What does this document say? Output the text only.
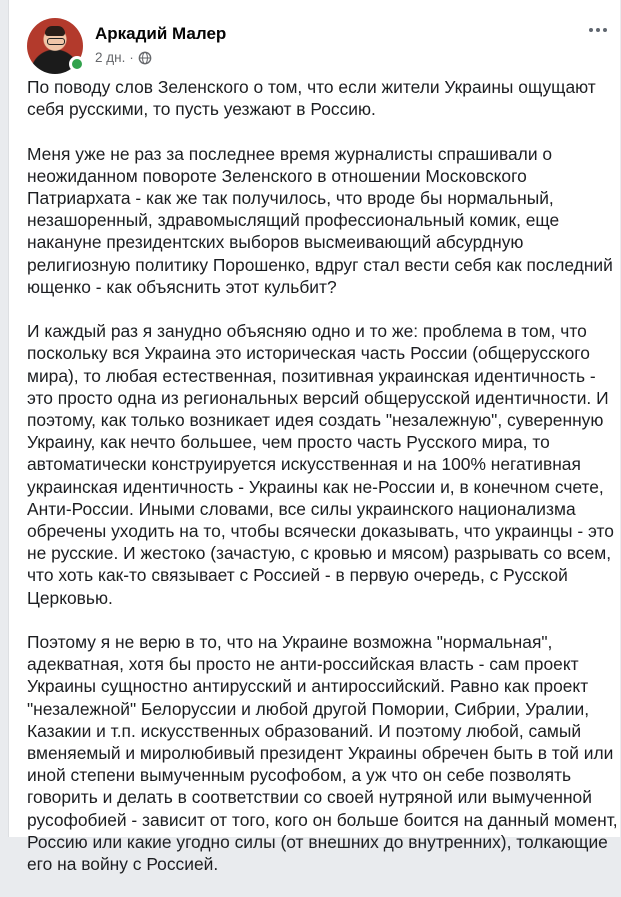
Аркадий Малер
2 дн. ·

По поводу слов Зеленского о том, что если жители Украины ощущают себя русскими, то пусть уезжают в Россию.

Меня уже не раз за последнее время журналисты спрашивали о неожиданном повороте Зеленского в отношении Московского Патриархата - как же так получилось, что вроде бы нормальный, незашоренный, здравомыслящий профессиональный комик, еще накануне президентских выборов высмеивающий абсурдную религиозную политику Порошенко, вдруг стал вести себя как последний ющенко - как объяснить этот кульбит?

И каждый раз я занудно объясняю одно и то же: проблема в том, что поскольку вся Украина это историческая часть России (общерусского мира), то любая естественная, позитивная украинская идентичность - это просто одна из региональных версий общерусской идентичности. И поэтому, как только возникает идея создать "незалежную", суверенную Украину, как нечто большее, чем просто часть Русского мира, то автоматически конструируется искусственная и на 100% негативная украинская идентичность - Украины как не-России и, в конечном счете, Анти-России. Иными словами, все силы украинского национализма обречены уходить на то, чтобы всячески доказывать, что украинцы - это не русские. И жестоко (зачастую, с кровью и мясом) разрывать со всем, что хоть как-то связывает с Россией - в первую очередь, с Русской Церковью.

Поэтому я не верю в то, что на Украине возможна "нормальная", адекватная, хотя бы просто не анти-российская власть - сам проект Украины сущностно антирусский и антироссийский. Равно как проект "незалежной" Белоруссии и любой другой Помории, Сибрии, Уралии, Казакии и т.п. искусственных образований. И поэтому любой, самый вменяемый и миролюбивый президент Украины обречен быть в той или иной степени вымученным русофобом, а уж что он себе позволять говорить и делать в соответствии со своей нутряной или вымученной русофобией - зависит от того, кого он больше боится на данный момент, Россию или какие угодно силы (от внешних до внутренних), толкающие его на войну с Россией.
